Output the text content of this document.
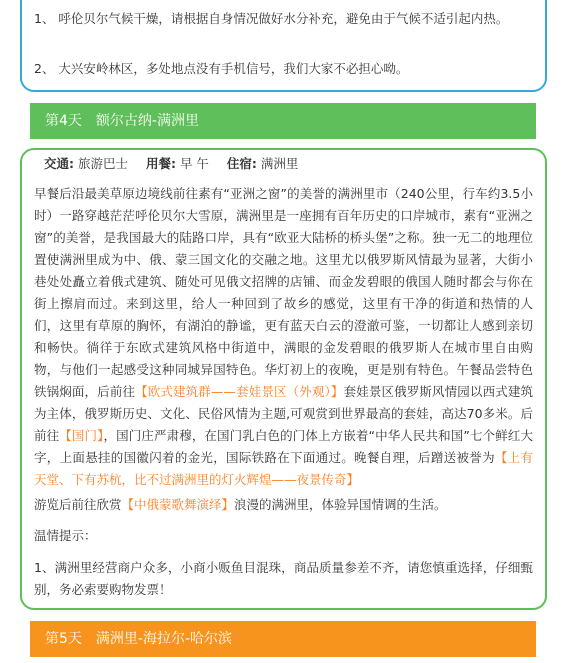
1、 呼伦贝尔气候干燥，请根据自身情况做好水分补充，避免由于气候不适引起内热。
2、 大兴安岭林区，多处地点没有手机信号，我们大家不必担心呦。
第4天 额尔古纳-满洲里
交通: 旅游巴士 用餐: 早 午 住宿: 满洲里
早餐后沿最美草原边境线前往素有“亚洲之窗”的美誉的满洲里市（240公里，行车约3.5小时）一路穿越茫茫呼伦贝尔大雪原，满洲里是一座拥有百年历史的口岸城市，素有“亚洲之窗”的美誉，是我国最大的陆路口岸，具有“欧亚大陆桥的桥头堡”之称。独一无二的地理位置使满洲里成为中、俄、蒙三国文化的交融之地。这里尤以俄罗斯风情最为显著，大街小巷处处矗立着俄式建筑、随处可见俄文招牌的店铺、而金发碧眼的俄国人随时都会与你在街上擦肩而过。来到这里，给人一种回到了故乡的感觉，这里有干净的街道和热情的人们，这里有草原的胸怀，有湖泊的静谧，更有蓝天白云的澄澈可鉴，一切都让人感到亲切和畅快。徜徉于东欧式建筑风格中街道中，满眼的金发碧眼的俄罗斯人在城市里自由购物，与他们一起感受这种同城异国特色。华灯初上的夜晚，更是别有特色。午餐品尝特色铁锅焖面，后前往【欧式建筑群——套娃景区（外观）】套娃景区俄罗斯风情园以西式建筑为主体，俄罗斯历史、文化、民俗风情为主题,可观赏到世界最高的套娃，高达70多米。后前往【国门】，国门庄严肃穆，在国门乳白色的门体上方嵌着“中华人民共和国”七个鲜红大字，上面悬挂的国徽闪着的金光，国际铁路在下面通过。晚餐自理，后蹭送被誉为【上有天堂、下有苏杭，比不过满洲里的灯火辉煌——夜景传奇】
游览后前往欣赏【中俄蒙歌舞演绎】浪漫的满洲里，体验异国情调的生活。
温情提示：
1、满洲里经营商户众多，小商小贩鱼目混珠，商品质量参差不齐，请您慎重选择，仔细甄别，务必索要购物发票！
第5天 满洲里-海拉尔-哈尔滨
